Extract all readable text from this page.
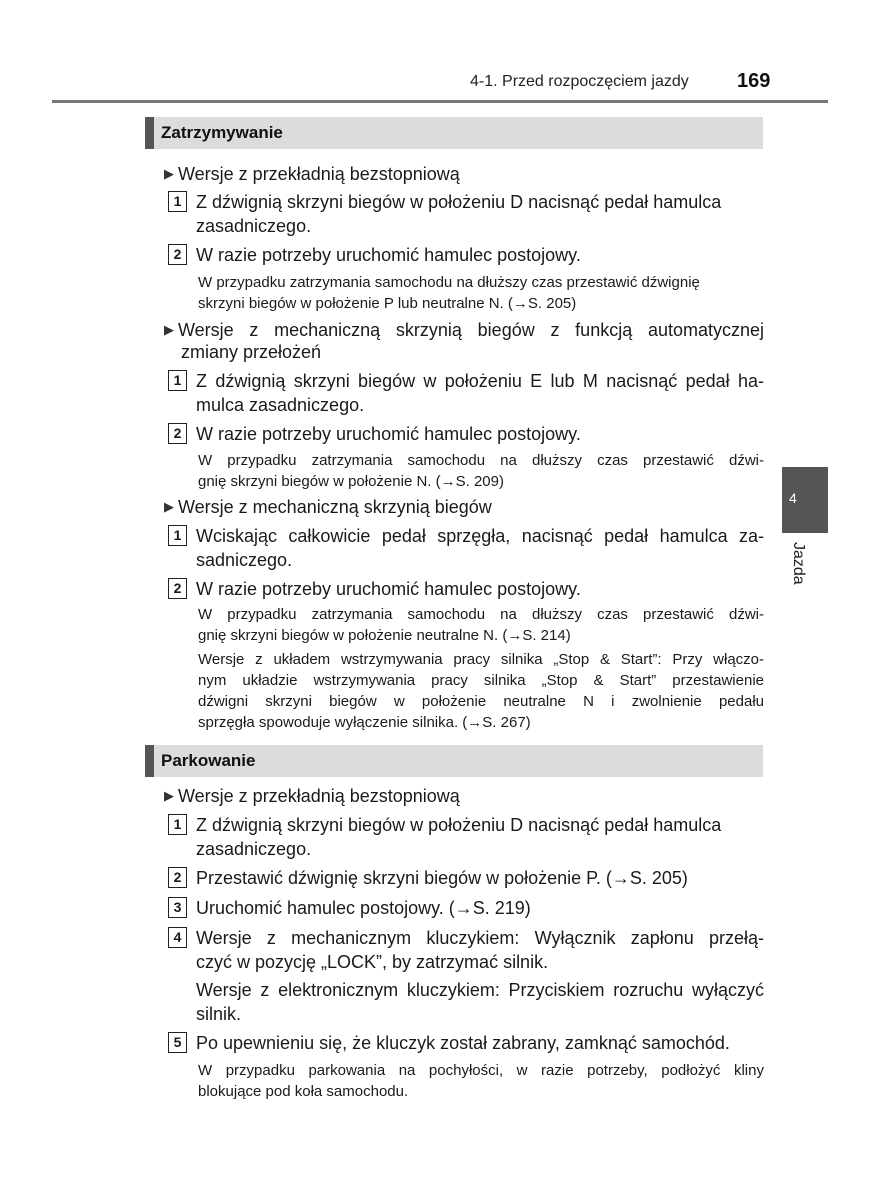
4-1. Przed rozpoczęciem jazdy 169
4
Jazda
Zatrzymywanie
▶ Wersje z przekładnią bezstopniową
1 Z dźwignią skrzyni biegów w położeniu D nacisnąć pedał hamulca
zasadniczego.
2 W razie potrzeby uruchomić hamulec postojowy.
W przypadku zatrzymania samochodu na dłuższy czas przestawić dźwignię
skrzyni biegów w położenie P lub neutralne N. (→S. 205)
▶ Wersje z mechaniczną skrzynią biegów z funkcją automatycznej
zmiany przełożeń
1 Z dźwignią skrzyni biegów w położeniu E lub M nacisnąć pedał ha-
mulca zasadniczego.
2 W razie potrzeby uruchomić hamulec postojowy.
W przypadku zatrzymania samochodu na dłuższy czas przestawić dźwi-
gnię skrzyni biegów w położenie N. (→S. 209)
▶ Wersje z mechaniczną skrzynią biegów
1 Wciskając całkowicie pedał sprzęgła, nacisnąć pedał hamulca za-
sadniczego.
2 W razie potrzeby uruchomić hamulec postojowy.
W przypadku zatrzymania samochodu na dłuższy czas przestawić dźwi-
gnię skrzyni biegów w położenie neutralne N. (→S. 214)
Wersje z układem wstrzymywania pracy silnika „Stop & Start”: Przy włączo-
nym układzie wstrzymywania pracy silnika „Stop & Start” przestawienie
dźwigni skrzyni biegów w położenie neutralne N i zwolnienie pedału
sprzęgła spowoduje wyłączenie silnika. (→S. 267)
Parkowanie
▶ Wersje z przekładnią bezstopniową
1 Z dźwignią skrzyni biegów w położeniu D nacisnąć pedał hamulca
zasadniczego.
2 Przestawić dźwignię skrzyni biegów w położenie P. (→S. 205)
3 Uruchomić hamulec postojowy. (→S. 219)
4 Wersje z mechanicznym kluczykiem: Wyłącznik zapłonu przełą-
czyć w pozycję „LOCK”, by zatrzymać silnik.
Wersje z elektronicznym kluczykiem: Przyciskiem rozruchu wyłączyć
silnik.
5 Po upewnieniu się, że kluczyk został zabrany, zamknąć samochód.
W przypadku parkowania na pochyłości, w razie potrzeby, podłożyć kliny
blokujące pod koła samochodu.
